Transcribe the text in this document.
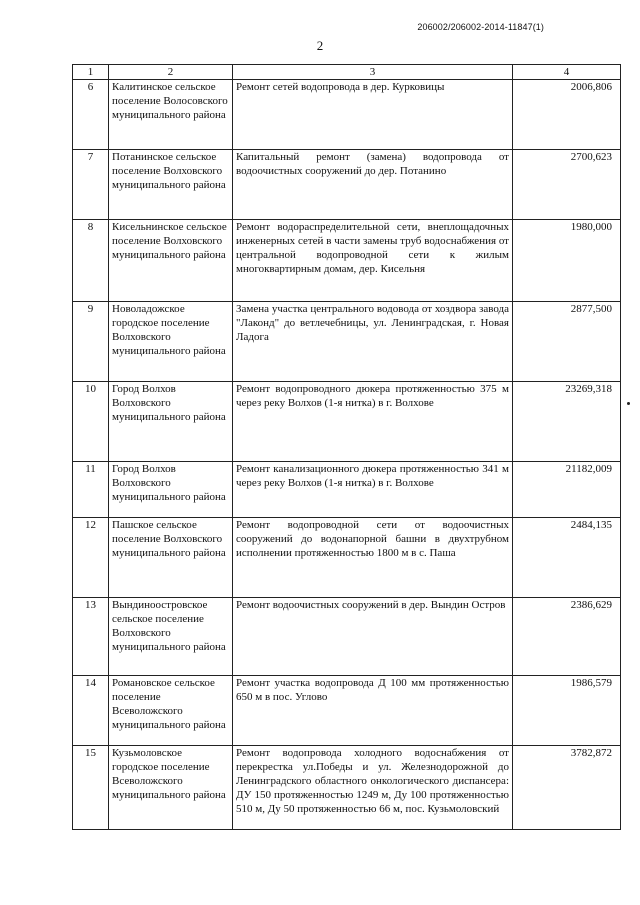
206002/206002-2014-11847(1)
2
1	2	3	4
6	Калитинское сельское поселение Волосовского муниципального района	Ремонт сетей водопровода в дер. Курковицы	2006,806
7	Потанинское сельское поселение Волховского муниципального района	Капитальный ремонт (замена) водопровода от водоочистных сооружений до дер. Потанино	2700,623
8	Кисельнинское сельское поселение Волховского муниципального района	Ремонт водораспределительной сети, внеплощадочных инженерных сетей в части замены труб водоснабжения от центральной водопроводной сети к жилым многоквартирным домам, дер. Кисельня	1980,000
9	Новоладожское городское поселение Волховского муниципального района	Замена участка центрального водовода от хоздвора завода "Лаконд" до ветлечебницы, ул. Ленинградская, г. Новая Ладога	2877,500
10	Город Волхов Волховского муниципального района	Ремонт водопроводного дюкера протяженностью 375 м через реку Волхов (1-я нитка) в г. Волхове	23269,318
11	Город Волхов Волховского муниципального района	Ремонт канализационного дюкера протяженностью 341 м через реку Волхов (1-я нитка) в г. Волхове	21182,009
12	Пашское сельское поселение Волховского муниципального района	Ремонт водопроводной сети от водоочистных сооружений до водонапорной башни в двухтрубном исполнении протяженностью 1800 м в с. Паша	2484,135
13	Вындиноостровское сельское поселение Волховского муниципального района	Ремонт водоочистных сооружений в дер. Вындин Остров	2386,629
14	Романовское сельское поселение Всеволожского муниципального района	Ремонт участка водопровода Д 100 мм протяженностью 650 м в пос. Углово	1986,579
15	Кузьмоловское городское поселение Всеволожского муниципального района	Ремонт водопровода холодного водоснабжения от перекрестка ул.Победы и ул. Железнодорожной до Ленинградского областного онкологического диспансера: ДУ 150 протяженностью 1249 м, Ду 100 протяженностью 510 м, Ду 50 протяженностью 66 м, пос. Кузьмоловский	3782,872
